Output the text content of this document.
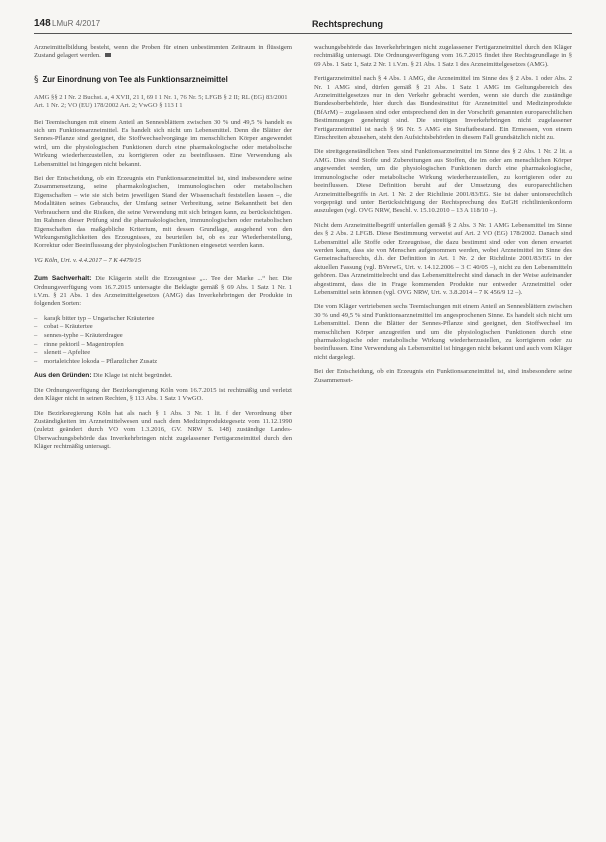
148 LMuR 4/2017	Rechtsprechung

Arzneimittelbildung besteht, wenn die Proben für einen unbestimmten Zeitraum in flüssigem Zustand gelagert werden.

§ Zur Einordnung von Tee als Funktionsarzneimittel
AMG §§ 2 I Nr. 2 Buchst. a, 4 XVII, 21 I, 69 I 1 Nr. 1, 76 Nr. 5; LFGB § 2 II; RL (EG) 83/2001 Art. 1 Nr. 2; VO (EU) 178/2002 Art. 2; VwGO § 113 I 1

Bei Teemischungen mit einem Anteil an Sennesblättern zwischen 30 % und 49,5 % handelt es sich um Funktionsarzneimittel. Es handelt sich nicht um Lebensmittel. Denn die Blätter der Sennes-Pflanze sind geeignet, die Stoffwechselvorgänge im menschlichen Körper angewendet wird, um die physiologischen Funktionen durch eine pharmakologische oder metabolische Wirkung wiederherzustellen, zu korrigieren oder zu beeinflussen. Eine Verwendung als Lebensmittel ist hingegen nicht bekannt.

Bei der Entscheidung, ob ein Erzeugnis ein Funktionsarzneimittel ist, sind insbesondere seine Zusammensetzung, seine pharmakologischen, immunologischen oder metabolischen Eigenschaften – wie sie sich beim jeweiligen Stand der Wissenschaft feststellen lassen –, die Modalitäten seines Gebrauchs, der Umfang seiner Verbreitung, seine Bekanntheit bei den Verbrauchern und die Risiken, die seine Verwendung mit sich bringen kann, zu berücksichtigen. Im Rahmen dieser Prüfung sind die pharmakologischen, immunologischen oder metabolischen Eigenschaften das maßgebliche Kriterium, mit dessen Grundlage, ausgehend von den Wirkungsmöglichkeiten des Erzeugnisses, zu beurteilen ist, ob es zur Wiederherstellung, Korrektur oder Beeinflussung der physiologischen Funktionen eingesetzt werden kann.

VG Köln, Urt. v. 4.4.2017 – 7 K 4479/15

Zum Sachverhalt: Die Klägerin stellt die Erzeugnisse „... Tee der Marke ...“ her. Die Ordnungsverfügung vom 16.7.2015 untersagte die Beklagte gemäß § 69 Abs. 1 Satz 1 Nr. 1 i.V.m. § 21 Abs. 1 des Arzneimittelgesetzes (AMG) das Inverkehrbringen der Produkte in folgenden Sorten:

– karajk bitter typ – Ungarischer Kräutertee
– cobat – Kräutertee
– sennes-typhe – Kräuterdragee
– rinne pektoril – Magentropfen
– slenett – Apfeltee
– mortaleichtee lokoda – Pflanzlicher Zusatz

Aus den Gründen: Die Klage ist nicht begründet.

Die Ordnungsverfügung der Bezirksregierung Köln vom 16.7.2015 ist rechtmäßig und verletzt den Kläger nicht in seinen Rechten, § 113 Abs. 1 Satz 1 VwGO.

Die Bezirksregierung Köln hat als nach § 1 Abs. 3 Nr. 1 lit. f der Verordnung über Zuständigkeiten im Arzneimittelwesen und nach dem Medizinproduktegesetz vom 11.12.1990 (zuletzt geändert durch VO vom 1.3.2016, GV. NRW S. 148) zuständige Landes-Überwachungsbehörde das Inverkehrbringen nicht zugelassener Fertigarzneimittel durch den Kläger rechtmäßig untersagt.

wachungsbehörde das Inverkehrbringen nicht zugelassener Fertigarzneimittel durch den Kläger rechtmäßig untersagt. Die Ordnungsverfügung vom 16.7.2015 findet ihre Rechtsgrundlage in § 69 Abs. 1 Satz 1, Satz 2 Nr. 1 i.V.m. § 21 Abs. 1 Satz 1 des Arzneimittelgesetzes (AMG).

Fertigarzneimittel nach § 4 Abs. 1 AMG, die Arzneimittel im Sinne des § 2 Abs. 1 oder Abs. 2 Nr. 1 AMG sind, dürfen gemäß § 21 Abs. 1 Satz 1 AMG im Geltungsbereich des Arzneimittelgesetzes nur in den Verkehr gebracht werden, wenn sie durch die zuständige Bundesoberbehörde, hier durch das Bundesinstitut für Arzneimittel und Medizinprodukte (BfArM) – zugelassen sind oder entsprechend den in der Vorschrift genannten europarechtlichen Bestimmungen genehmigt sind. Die streitigen Inverkehrbringen nicht zugelassener Fertigarzneimittel ist nach § 96 Nr. 5 AMG ein Straftatbestand. Ein Ermessen, von einem Einschreiten abzusehen, steht den Aufsichtsbehörden in diesem Fall grundsätzlich nicht zu.

Die streitgegenständlichen Tees sind Funktionsarzneimittel im Sinne des § 2 Abs. 1 Nr. 2 lit. a AMG. Dies sind Stoffe und Zubereitungen aus Stoffen, die im oder am menschlichen Körper angewendet werden, um die physiologischen Funktionen durch eine pharmakologische, immunologische oder metabolische Wirkung wiederherzustellen, zu korrigieren oder zu beeinflussen. Diese Definition beruht auf der Umsetzung des europarechtlichen Arzneimittelbegriffs in Art. 1 Nr. 2 der Richtlinie 2001/83/EG. Sie ist daher unionsrechtlich vorgeprägt und unter Berücksichtigung der Rechtsprechung des EuGH richtlinienkonform auszulegen (vgl. OVG NRW, Beschl. v. 15.10.2010 – 13 A 118/10 –).

Nicht dem Arzneimittelbegriff unterfallen gemäß § 2 Abs. 3 Nr. 1 AMG Lebensmittel im Sinne des § 2 Abs. 2 LFGB. Diese Bestimmung verweist auf Art. 2 VO (EG) 178/2002. Danach sind Lebensmittel alle Stoffe oder Erzeugnisse, die dazu bestimmt sind oder von denen erwartet werden kann, dass sie von Menschen aufgenommen werden, wobei Arzneimittel im Sinne des Gemeinschaftsrechts, d.h. der Definition in Art. 1 Nr. 2 der Richtlinie 2001/83/EG in der aktuellen Fassung (vgl. BVerwG, Urt. v. 14.12.2006 – 3 C 40/05 –), nicht zu den Lebensmitteln gehören. Das Arzneimittelrecht und das Lebensmittelrecht sind danach in der Weise aufeinander abgestimmt, dass die in Frage kommenden Produkte nur entweder Arzneimittel oder Lebensmittel sein können (vgl. OVG NRW, Urt. v. 3.8.2014 – 7 K 456/9 12 –).

Die vom Kläger vertriebenen sechs Teemischungen mit einem Anteil an Sennesblättern zwischen 30 % und 49,5 % sind Funktionsarzneimittel im angesprochenen Sinne. Es handelt sich nicht um Lebensmittel. Denn die Blätter der Sennes-Pflanze sind geeignet, den Stoffwechsel im menschlichen Körper anzugreifen und um die physiologischen Funktionen durch eine pharmakologische oder metabolische Wirkung wiederherzustellen, zu korrigieren oder zu beeinflussen. Eine Verwendung als Lebensmittel ist hingegen nicht bekannt und auch vom Kläger nicht dargelegt.

Bei der Entscheidung, ob ein Erzeugnis ein Funktionsarzneimittel ist, sind insbesondere seine Zusammenset-
